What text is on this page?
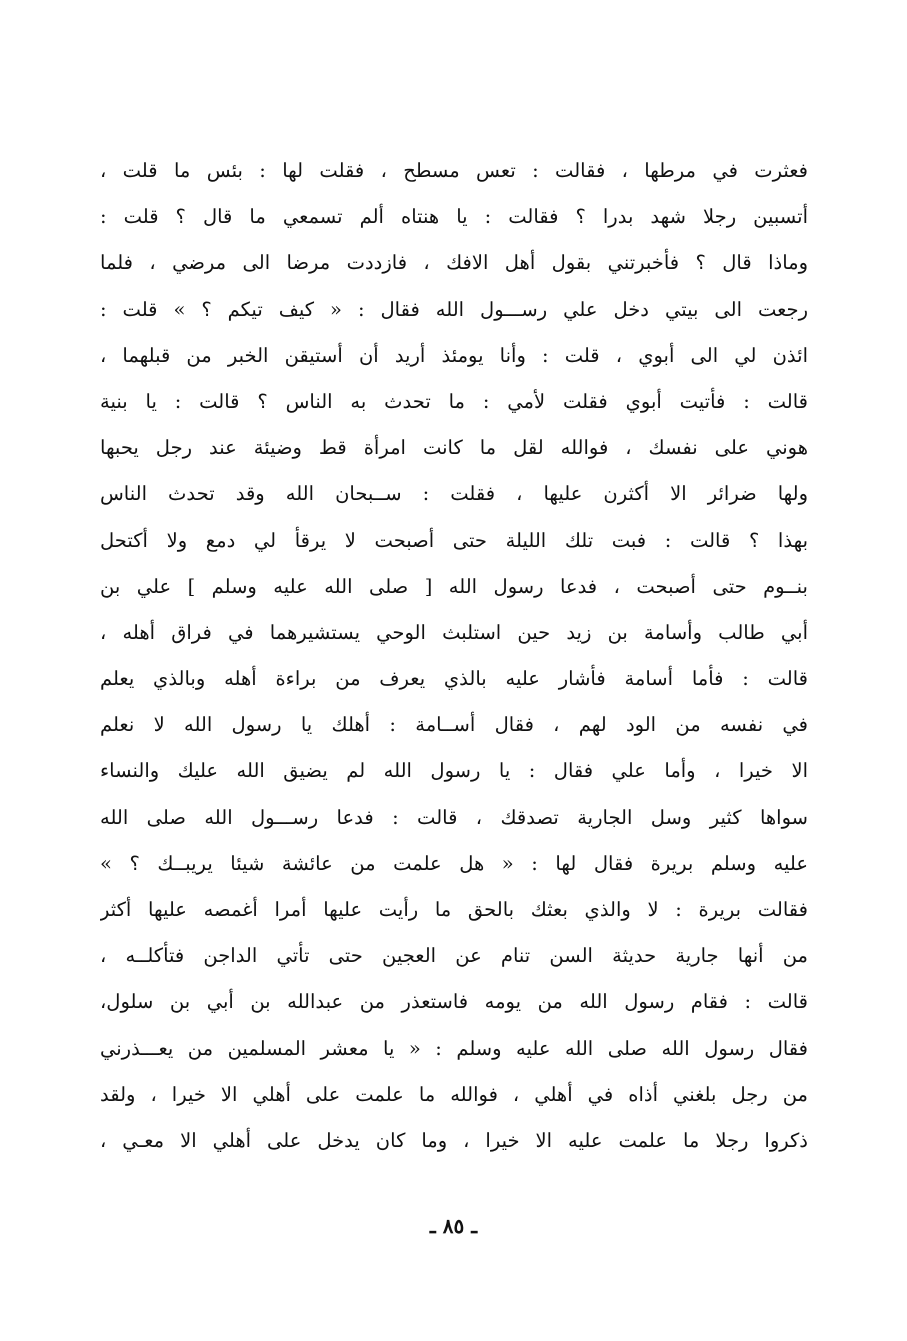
فعثرت في مرطها ، فقالت : تعس مسطح ، فقلت لها : بئس ما قلت ،
أتسبين رجلا شهد بدرا ؟ فقالت : يا هنتاه ألم تسمعي ما قال ؟ قلت :
وماذا قال ؟ فأخبرتني بقول أهل الافك ، فازددت مرضا الى مرضي ، فلما
رجعت الى بيتي دخل علي رســـول الله فقال : « كيف تيكم ؟ » قلت :
ائذن لي الى أبوي ، قلت : وأنا يومئذ أريد أن أستيقن الخبر من قبلهما ،
قالت : فأتيت أبوي فقلت لأمي : ما تحدث به الناس ؟ قالت : يا بنية
هوني على نفسك ، فوالله لقل ما كانت امرأة قط وضيئة عند رجل يحبها
ولها ضرائر الا أكثرن عليها ، فقلت : ســبحان الله وقد تحدث الناس
بهذا ؟ قالت : فبت تلك الليلة حتى أصبحت لا يرقأ لي دمع ولا أكتحل
بنــوم حتى أصبحت ، فدعا رسول الله [ صلى الله عليه وسلم ] علي بن
أبي طالب وأسامة بن زيد حين استلبث الوحي يستشيرهما في فراق أهله ،
قالت : فأما أسامة فأشار عليه بالذي يعرف من براءة أهله وبالذي يعلم
في نفسه من الود لهم ، فقال أســامة : أهلك يا رسول الله لا نعلم
الا خيرا ، وأما علي فقال : يا رسول الله لم يضيق الله عليك والنساء
سواها كثير وسل الجارية تصدقك ، قالت : فدعا رســـول الله صلى الله
عليه وسلم بريرة فقال لها : « هل علمت من عائشة شيئا يريبــك ؟ »
فقالت بريرة : لا والذي بعثك بالحق ما رأيت عليها أمرا أغمصه عليها أكثر
من أنها جارية حديثة السن تنام عن العجين حتى تأتي الداجن فتأكلــه ،
قالت : فقام رسول الله من يومه فاستعذر من عبدالله بن أبي بن سلول،
فقال رسول الله صلى الله عليه وسلم : « يا معشر المسلمين من يعـــذرني
من رجل بلغني أذاه في أهلي ، فوالله ما علمت على أهلي الا خيرا ، ولقد
ذكروا رجلا ما علمت عليه الا خيرا ، وما كان يدخل على أهلي الا معـي ،
ـ ٨٥ ـ
